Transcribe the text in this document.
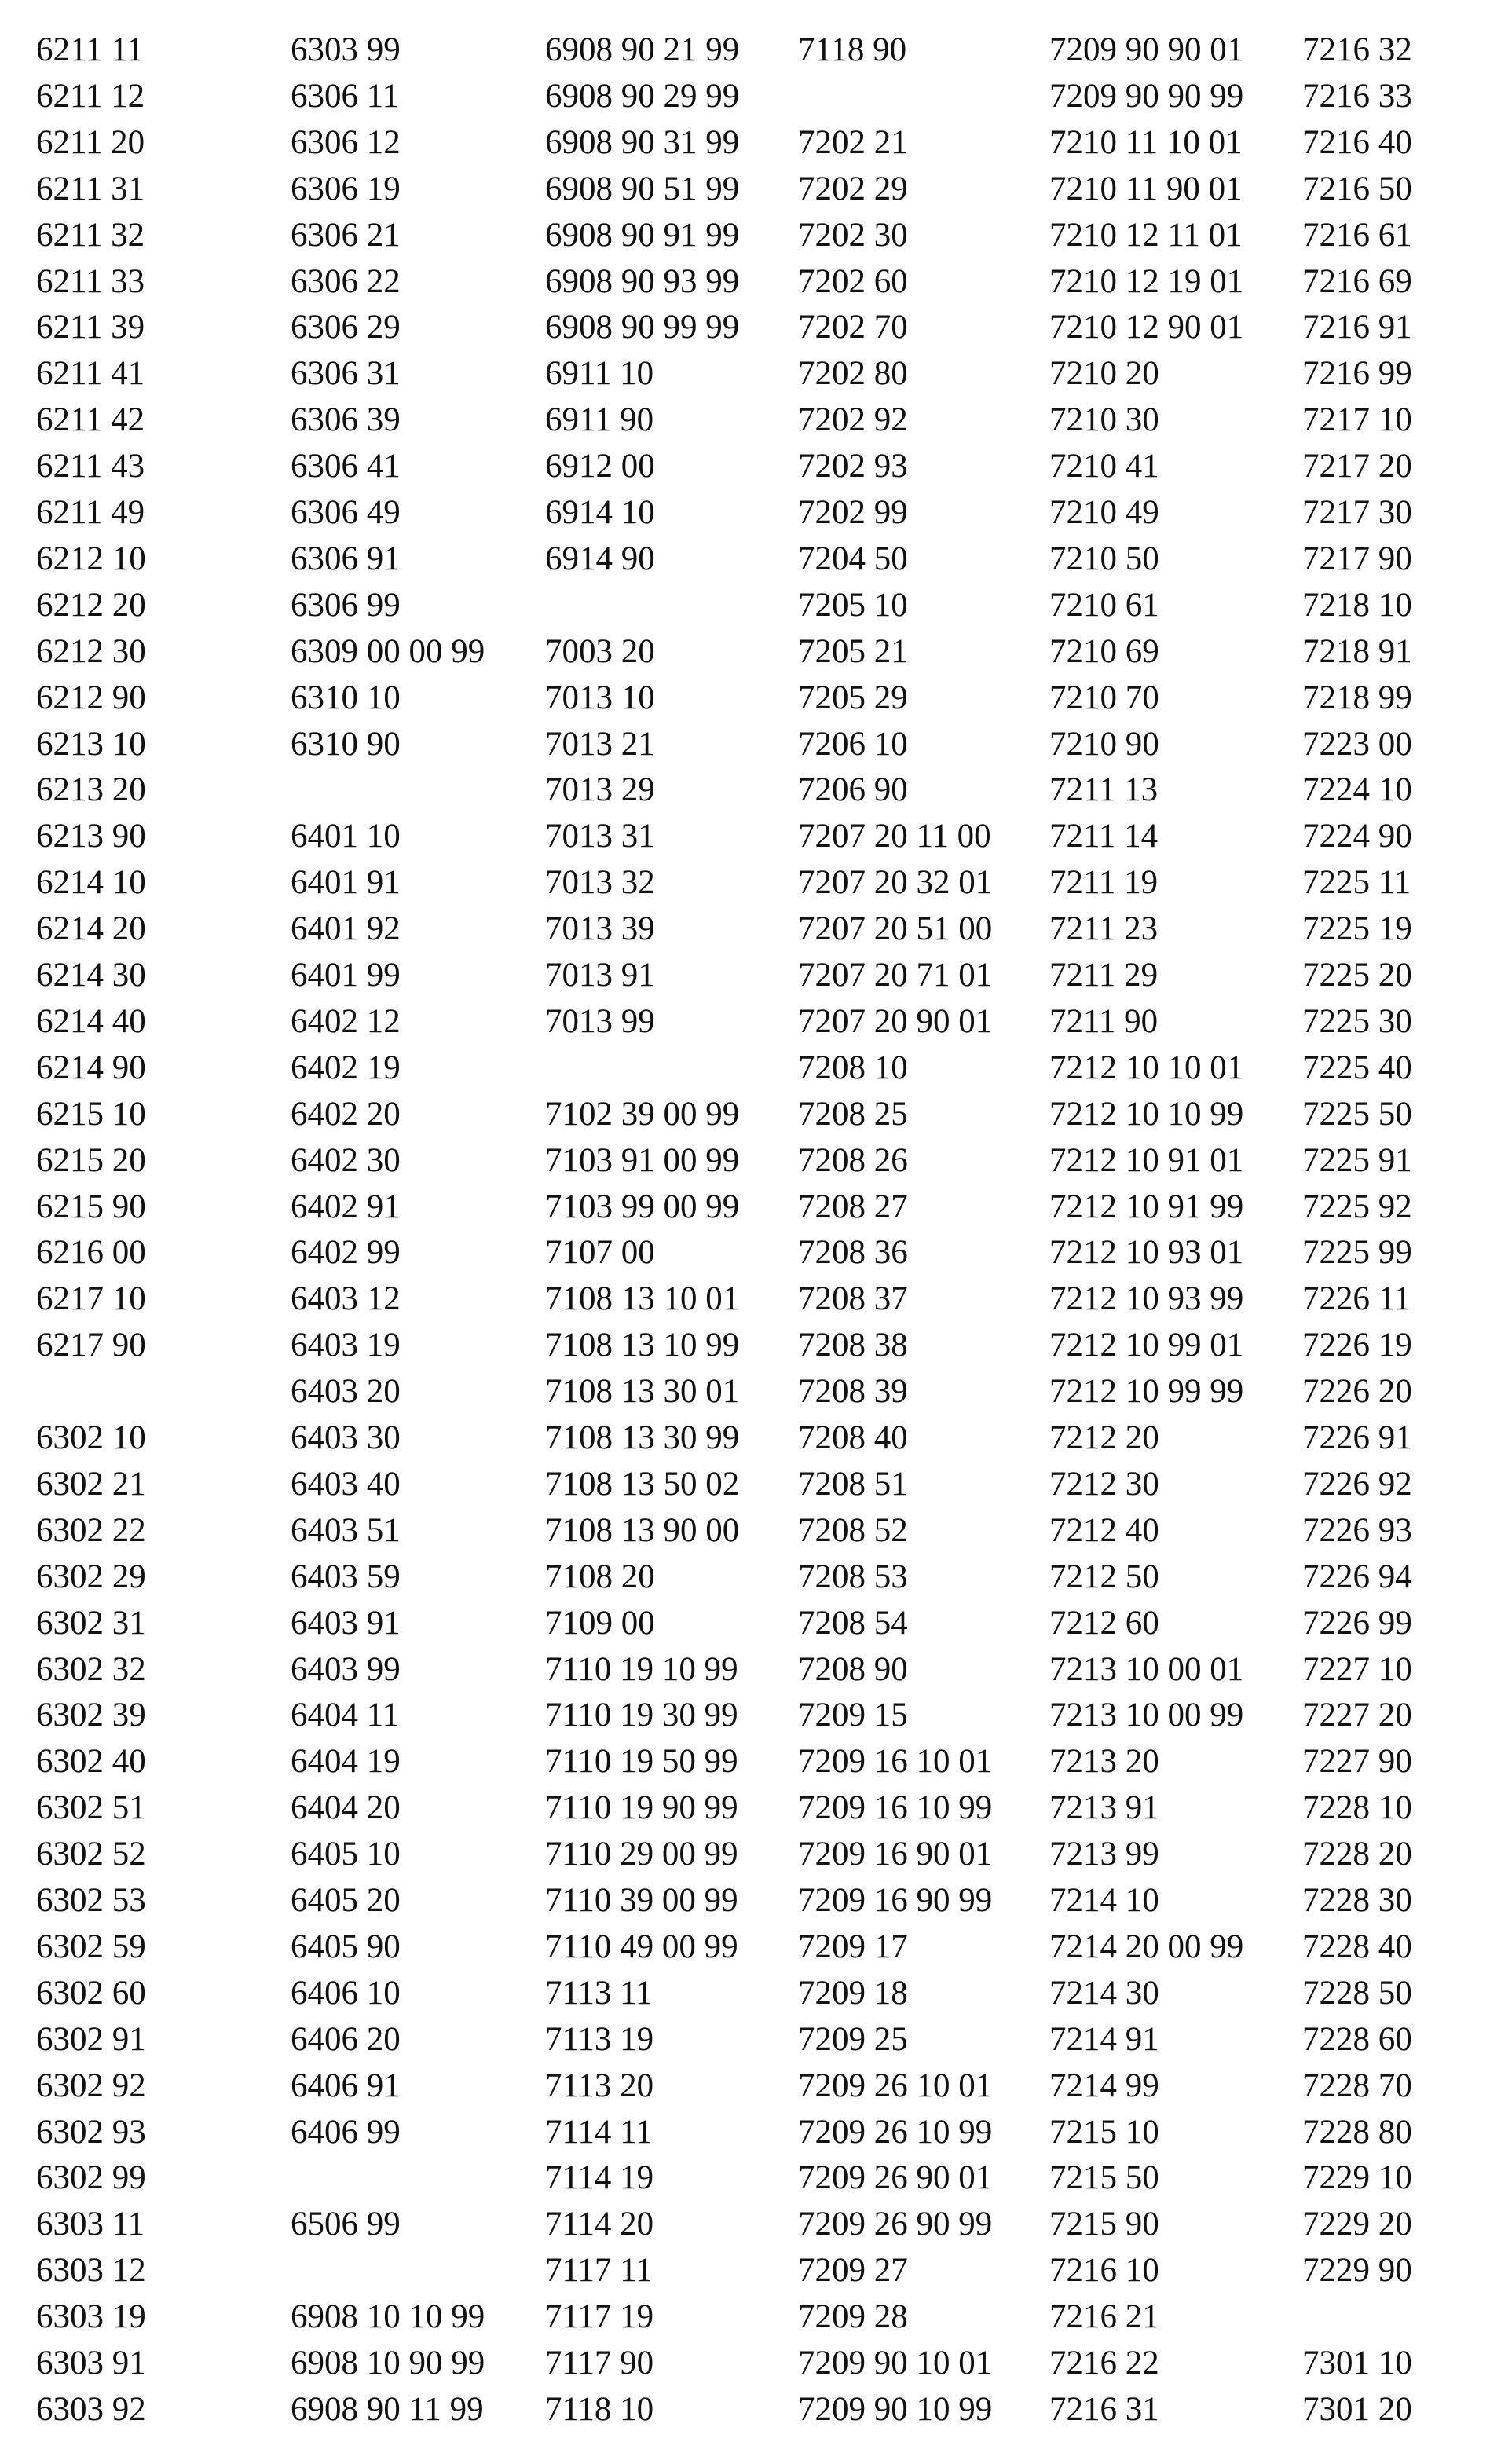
6211 11
6211 12
6211 20
6211 31
6211 32
6211 33
6211 39
6211 41
6211 42
6211 43
6211 49
6212 10
6212 20
6212 30
6212 90
6213 10
6213 20
6213 90
6214 10
6214 20
6214 30
6214 40
6214 90
6215 10
6215 20
6215 90
6216 00
6217 10
6217 90
6302 10
6302 21
6302 22
6302 29
6302 31
6302 32
6302 39
6302 40
6302 51
6302 52
6302 53
6302 59
6302 60
6302 91
6302 92
6302 93
6302 99
6303 11
6303 12
6303 19
6303 91
6303 92
6303 99
6306 11
6306 12
6306 19
6306 21
6306 22
6306 29
6306 31
6306 39
6306 41
6306 49
6306 91
6306 99
6309 00 00 99
6310 10
6310 90
6401 10
6401 91
6401 92
6401 99
6402 12
6402 19
6402 20
6402 30
6402 91
6402 99
6403 12
6403 19
6403 20
6403 30
6403 40
6403 51
6403 59
6403 91
6403 99
6404 11
6404 19
6404 20
6405 10
6405 20
6405 90
6406 10
6406 20
6406 91
6406 99
6506 99
6908 10 10 99
6908 10 90 99
6908 90 11 99
6908 90 21 99
6908 90 29 99
6908 90 31 99
6908 90 51 99
6908 90 91 99
6908 90 93 99
6908 90 99 99
6911 10
6911 90
6912 00
6914 10
6914 90
7003 20
7013 10
7013 21
7013 29
7013 31
7013 32
7013 39
7013 91
7013 99
7102 39 00 99
7103 91 00 99
7103 99 00 99
7107 00
7108 13 10 01
7108 13 10 99
7108 13 30 01
7108 13 30 99
7108 13 50 02
7108 13 90 00
7108 20
7109 00
7110 19 10 99
7110 19 30 99
7110 19 50 99
7110 19 90 99
7110 29 00 99
7110 39 00 99
7110 49 00 99
7113 11
7113 19
7113 20
7114 11
7114 19
7114 20
7117 11
7117 19
7117 90
7118 10
7118 90
7202 21
7202 29
7202 30
7202 60
7202 70
7202 80
7202 92
7202 93
7202 99
7204 50
7205 10
7205 21
7205 29
7206 10
7206 90
7207 20 11 00
7207 20 32 01
7207 20 51 00
7207 20 71 01
7207 20 90 01
7208 10
7208 25
7208 26
7208 27
7208 36
7208 37
7208 38
7208 39
7208 40
7208 51
7208 52
7208 53
7208 54
7208 90
7209 15
7209 16 10 01
7209 16 10 99
7209 16 90 01
7209 16 90 99
7209 17
7209 18
7209 25
7209 26 10 01
7209 26 10 99
7209 26 90 01
7209 26 90 99
7209 27
7209 28
7209 90 10 01
7209 90 10 99
7209 90 90 01
7209 90 90 99
7210 11 10 01
7210 11 90 01
7210 12 11 01
7210 12 19 01
7210 12 90 01
7210 20
7210 30
7210 41
7210 49
7210 50
7210 61
7210 69
7210 70
7210 90
7211 13
7211 14
7211 19
7211 23
7211 29
7211 90
7212 10 10 01
7212 10 10 99
7212 10 91 01
7212 10 91 99
7212 10 93 01
7212 10 93 99
7212 10 99 01
7212 10 99 99
7212 20
7212 30
7212 40
7212 50
7212 60
7213 10 00 01
7213 10 00 99
7213 20
7213 91
7213 99
7214 10
7214 20 00 99
7214 30
7214 91
7214 99
7215 10
7215 50
7215 90
7216 10
7216 21
7216 22
7216 31
7216 32
7216 33
7216 40
7216 50
7216 61
7216 69
7216 91
7216 99
7217 10
7217 20
7217 30
7217 90
7218 10
7218 91
7218 99
7223 00
7224 10
7224 90
7225 11
7225 19
7225 20
7225 30
7225 40
7225 50
7225 91
7225 92
7225 99
7226 11
7226 19
7226 20
7226 91
7226 92
7226 93
7226 94
7226 99
7227 10
7227 20
7227 90
7228 10
7228 20
7228 30
7228 40
7228 50
7228 60
7228 70
7228 80
7229 10
7229 20
7229 90
7301 10
7301 20
